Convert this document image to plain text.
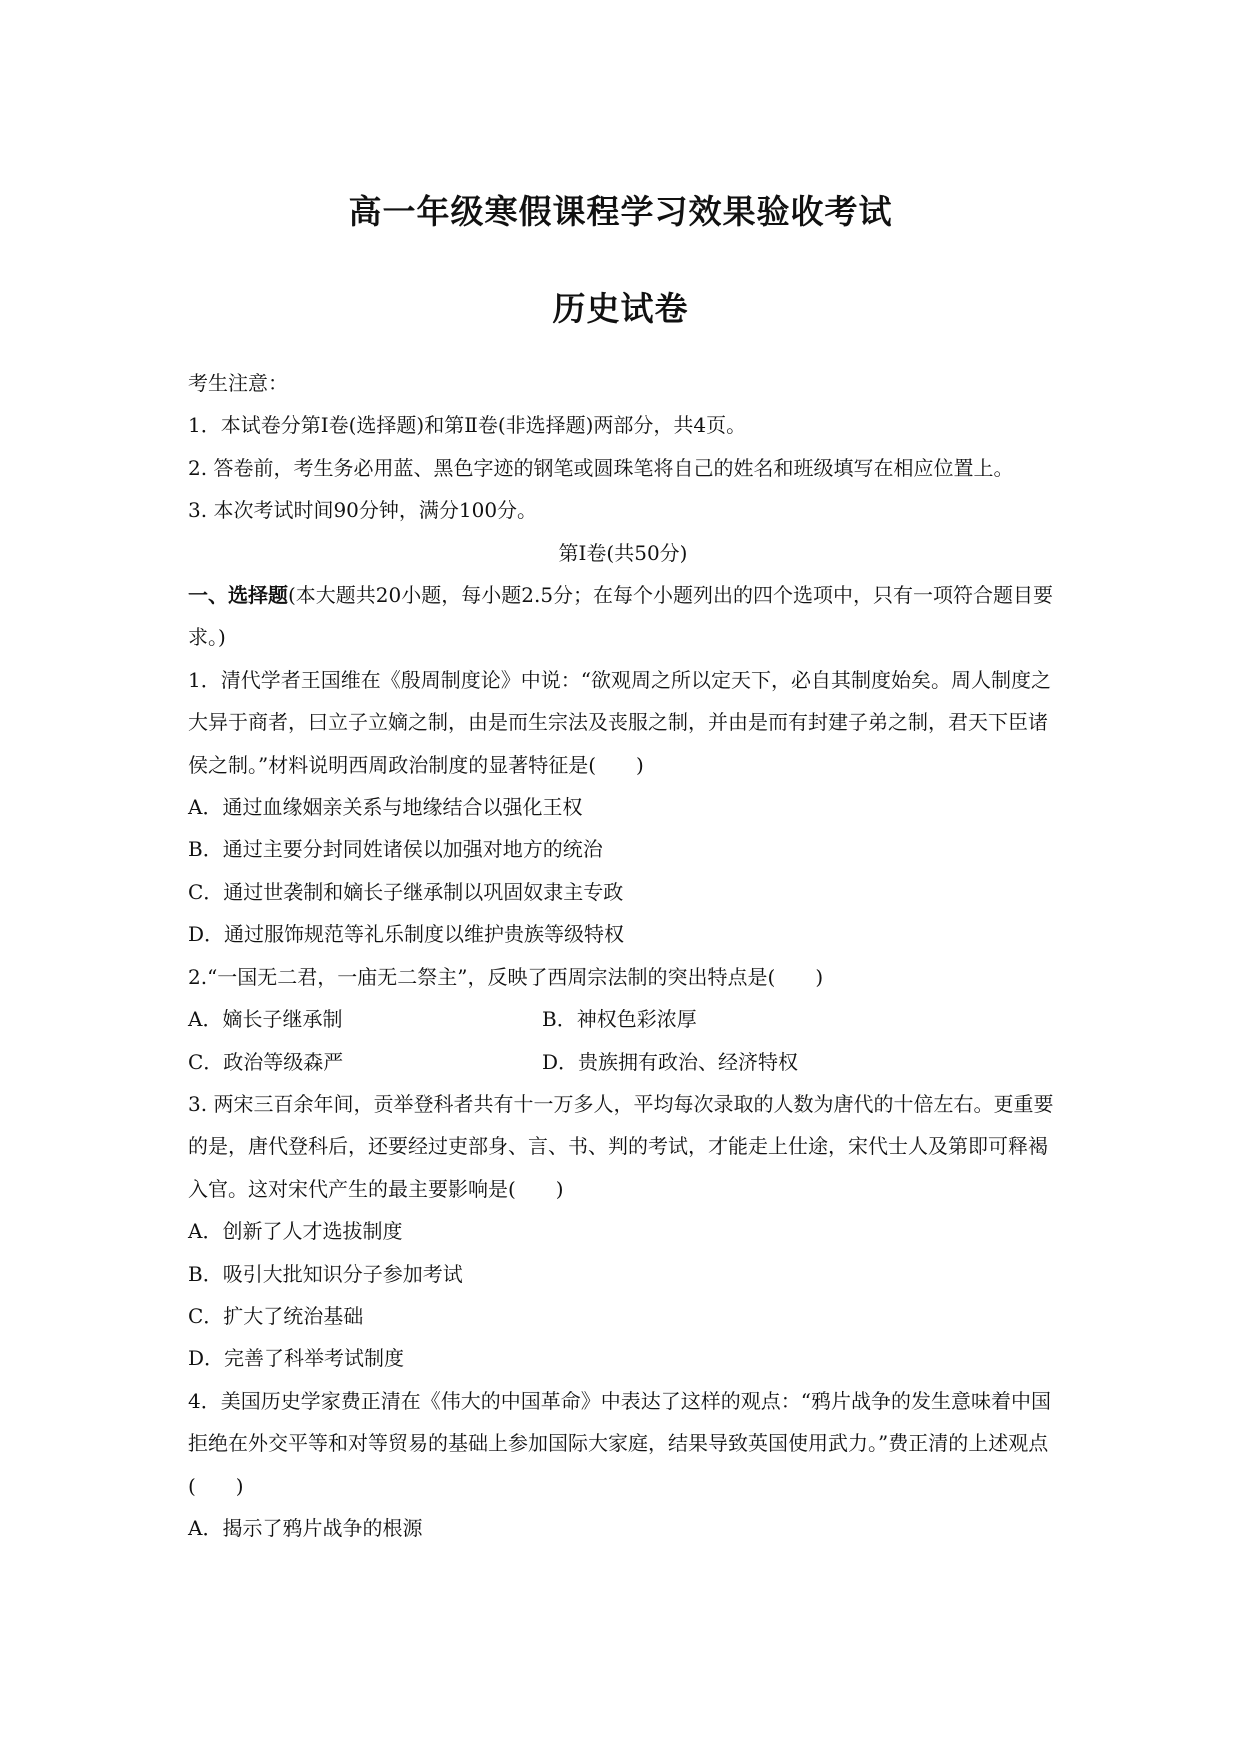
高一年级寒假课程学习效果验收考试
历史试卷

考生注意：

1．本试卷分第Ⅰ卷(选择题)和第Ⅱ卷(非选择题)两部分，共4页。

2. 答卷前，考生务必用蓝、黑色字迹的钢笔或圆珠笔将自己的姓名和班级填写在相应位置上。

3. 本次考试时间90分钟，满分100分。

第Ⅰ卷(共50分)

一、选择题(本大题共20小题，每小题2.5分；在每个小题列出的四个选项中，只有一项符合题目要求。)

1．清代学者王国维在《殷周制度论》中说：“欲观周之所以定天下，必自其制度始矣。周人制度之大异于商者，曰立子立嫡之制，由是而生宗法及丧服之制，并由是而有封建子弟之制，君天下臣诸侯之制。”材料说明西周政治制度的显著特征是(　　)

A．通过血缘姻亲关系与地缘结合以强化王权

B．通过主要分封同姓诸侯以加强对地方的统治

C．通过世袭制和嫡长子继承制以巩固奴隶主专政

D．通过服饰规范等礼乐制度以维护贵族等级特权

2.“一国无二君，一庙无二祭主”，反映了西周宗法制的突出特点是(　　)

A．嫡长子继承制	B．神权色彩浓厚
C．政治等级森严	D．贵族拥有政治、经济特权

3. 两宋三百余年间，贡举登科者共有十一万多人，平均每次录取的人数为唐代的十倍左右。更重要的是，唐代登科后，还要经过吏部身、言、书、判的考试，才能走上仕途，宋代士人及第即可释褐入官。这对宋代产生的最主要影响是(　　)

A．创新了人才选拔制度

B．吸引大批知识分子参加考试

C．扩大了统治基础

D．完善了科举考试制度

4．美国历史学家费正清在《伟大的中国革命》中表达了这样的观点：“鸦片战争的发生意味着中国拒绝在外交平等和对等贸易的基础上参加国际大家庭，结果导致英国使用武力。”费正清的上述观点(　　)

A．揭示了鸦片战争的根源
